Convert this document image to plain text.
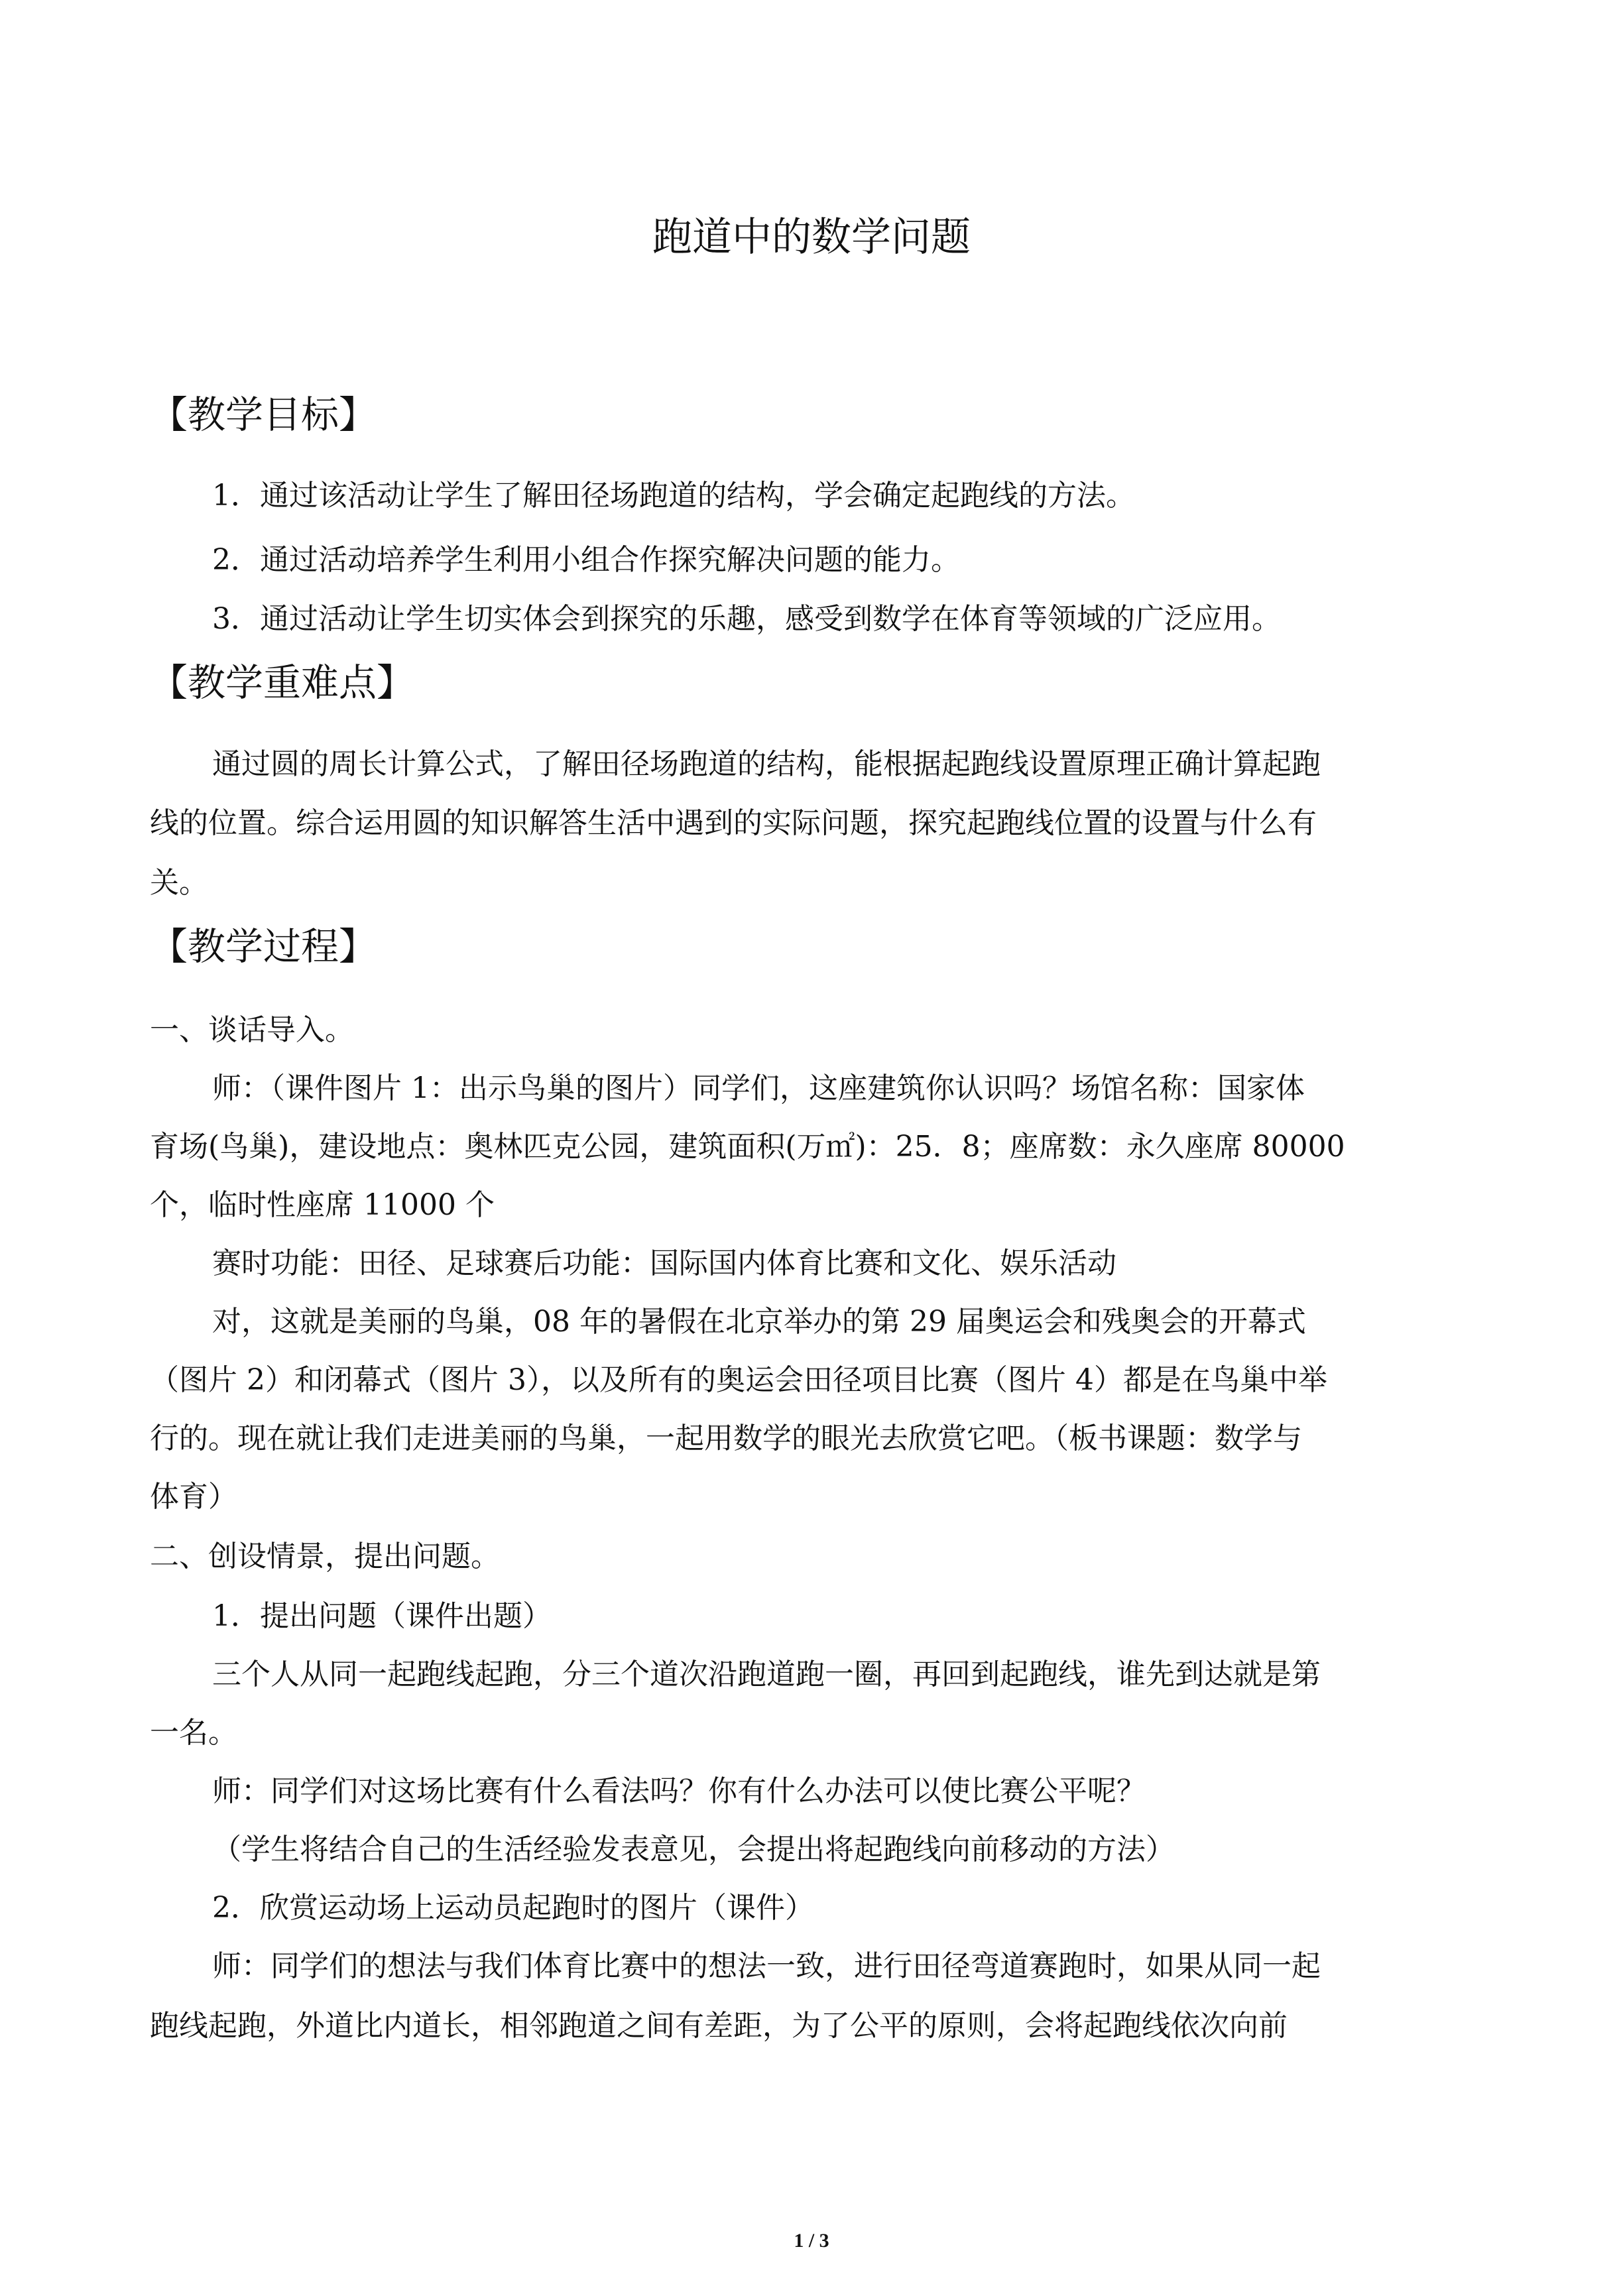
跑道中的数学问题
【教学目标】

1．通过该活动让学生了解田径场跑道的结构，学会确定起跑线的方法。

2．通过活动培养学生利用小组合作探究解决问题的能力。

3．通过活动让学生切实体会到探究的乐趣，感受到数学在体育等领域的广泛应用。

【教学重难点】

通过圆的周长计算公式，了解田径场跑道的结构，能根据起跑线设置原理正确计算起跑

线的位置。综合运用圆的知识解答生活中遇到的实际问题，探究起跑线位置的设置与什么有

关。

【教学过程】

一、谈话导入。

师：（课件图片 1：出示鸟巢的图片）同学们，这座建筑你认识吗？场馆名称：国家体

育场(鸟巢)，建设地点：奥林匹克公园，建筑面积(万㎡)：25．8；座席数：永久座席 80000

个，临时性座席 11000 个

赛时功能：田径、足球赛后功能：国际国内体育比赛和文化、娱乐活动

对，这就是美丽的鸟巢，08 年的暑假在北京举办的第 29 届奥运会和残奥会的开幕式

（图片 2）和闭幕式（图片 3），以及所有的奥运会田径项目比赛（图片 4）都是在鸟巢中举

行的。现在就让我们走进美丽的鸟巢，一起用数学的眼光去欣赏它吧。（板书课题：数学与

体育）

二、创设情景，提出问题。

1．提出问题（课件出题）

三个人从同一起跑线起跑，分三个道次沿跑道跑一圈，再回到起跑线，谁先到达就是第

一名。

师：同学们对这场比赛有什么看法吗？你有什么办法可以使比赛公平呢？

（学生将结合自己的生活经验发表意见，会提出将起跑线向前移动的方法）

2．欣赏运动场上运动员起跑时的图片（课件）

师：同学们的想法与我们体育比赛中的想法一致，进行田径弯道赛跑时，如果从同一起

跑线起跑，外道比内道长，相邻跑道之间有差距，为了公平的原则，会将起跑线依次向前

1 / 3
